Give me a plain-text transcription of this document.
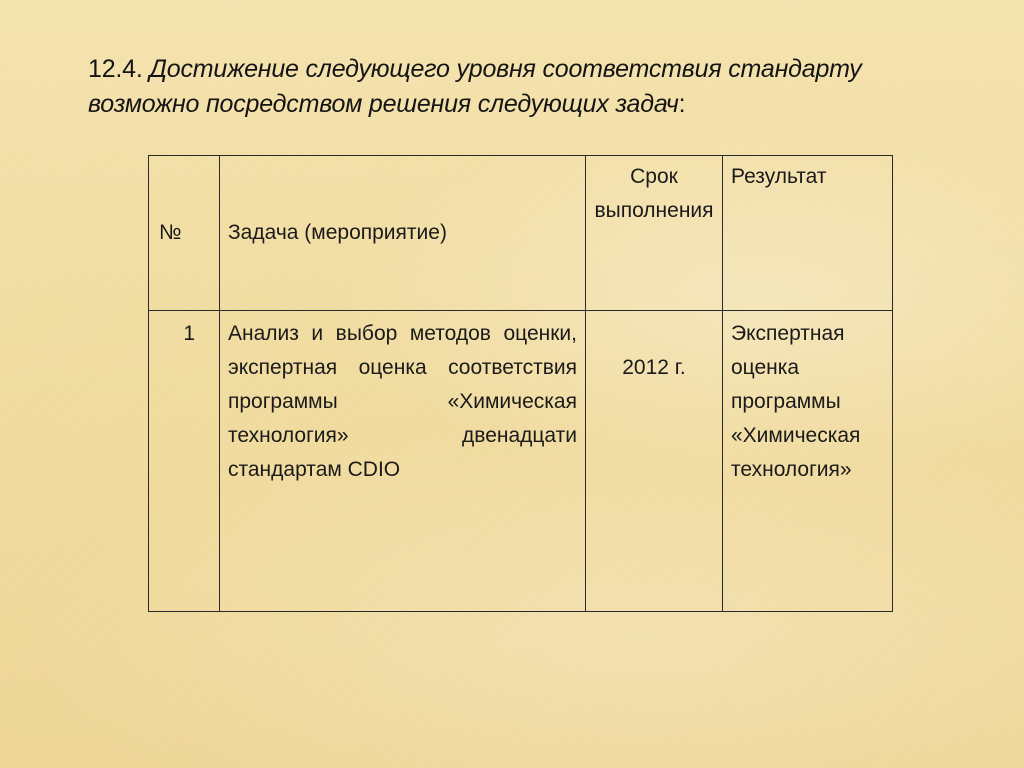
12.4. Достижение следующего уровня соответствия стандарту
возможно посредством решения следующих задач:
№	Задача (мероприятие)	Срок выполнения	Результат
1	Анализ и выбор методов оценки, экспертная оценка соответствия программы «Химическая технология» двенадцати стандартам CDIO	2012 г.	Экспертная оценка программы «Химическая технология»
